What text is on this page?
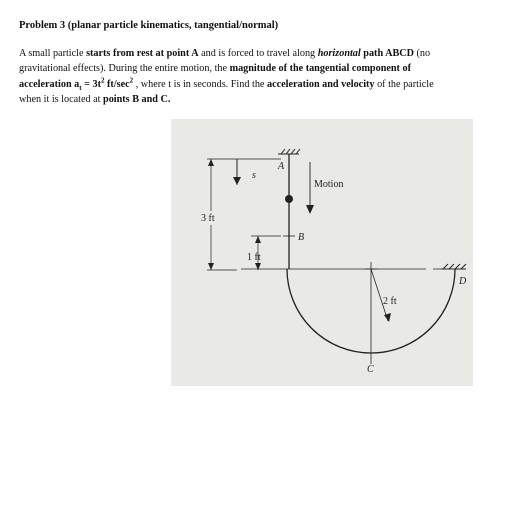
Problem 3 (planar particle kinematics, tangential/normal)
A small particle starts from rest at point A and is forced to travel along horizontal path ABCD (no
gravitational effects). During the entire motion, the magnitude of the tangential component of
acceleration $a_t = 3t^2$ $ft/\sec^2$ , where t is in seconds. Find the acceleration and velocity of the particle
when it is located at points B and C.
A
s
Motion
3 ft
B
1 ft
2 ft
D
C
